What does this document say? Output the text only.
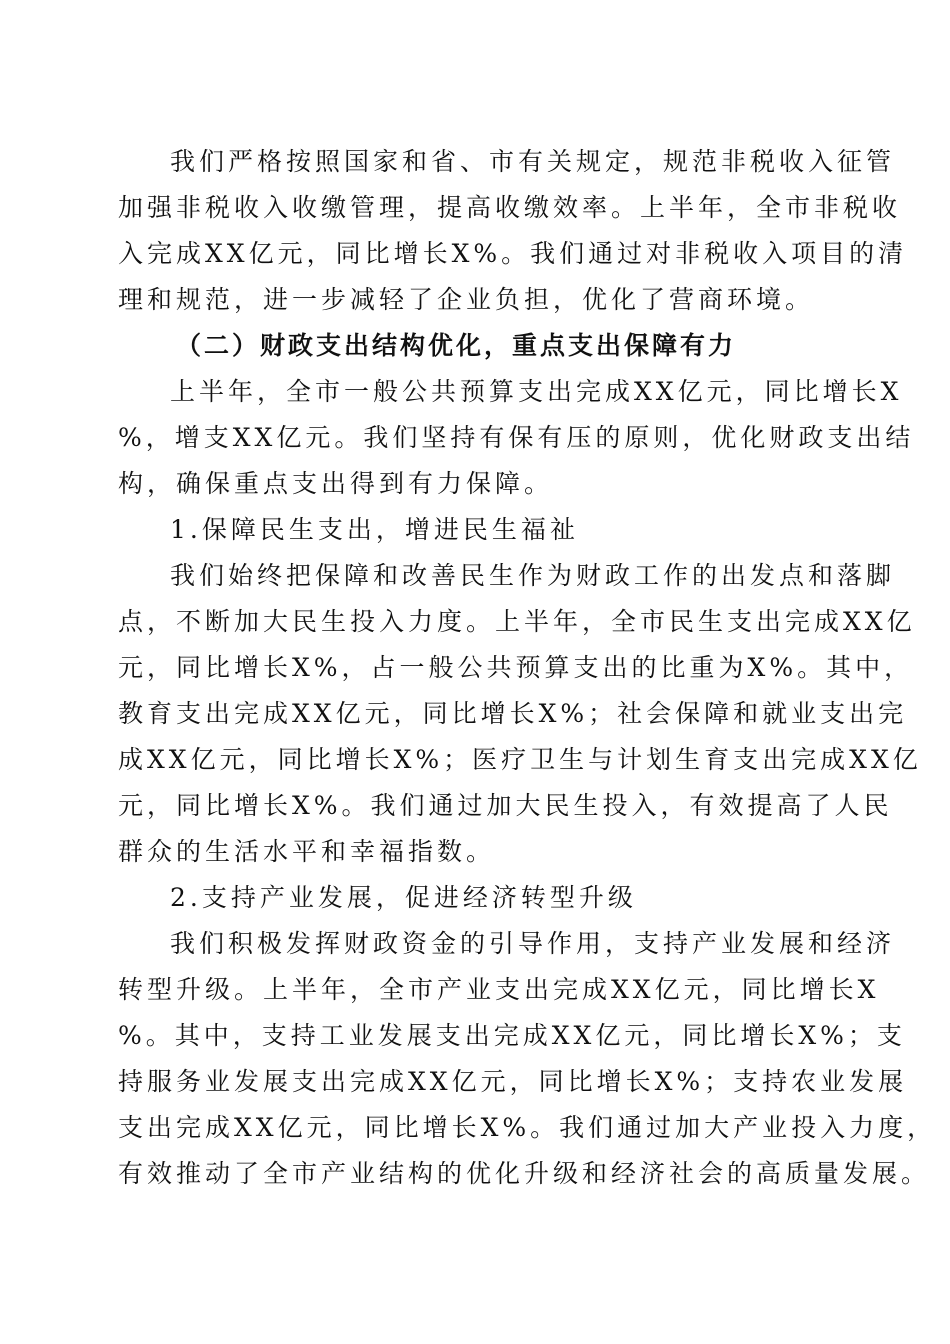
我们严格按照国家和省、市有关规定，规范非税收入征管
加强非税收入收缴管理，提高收缴效率。上半年，全市非税收
入完成XX亿元，同比增长X%。我们通过对非税收入项目的清
理和规范，进一步减轻了企业负担，优化了营商环境。
（二）财政支出结构优化，重点支出保障有力
上半年，全市一般公共预算支出完成XX亿元，同比增长X
%，增支XX亿元。我们坚持有保有压的原则，优化财政支出结
构，确保重点支出得到有力保障。
1.保障民生支出，增进民生福祉
我们始终把保障和改善民生作为财政工作的出发点和落脚
点，不断加大民生投入力度。上半年，全市民生支出完成XX亿
元，同比增长X%，占一般公共预算支出的比重为X%。其中，
教育支出完成XX亿元，同比增长X%；社会保障和就业支出完
成XX亿元，同比增长X%；医疗卫生与计划生育支出完成XX亿
元，同比增长X%。我们通过加大民生投入，有效提高了人民
群众的生活水平和幸福指数。
2.支持产业发展，促进经济转型升级
我们积极发挥财政资金的引导作用，支持产业发展和经济
转型升级。上半年，全市产业支出完成XX亿元，同比增长X
%。其中，支持工业发展支出完成XX亿元，同比增长X%；支
持服务业发展支出完成XX亿元，同比增长X%；支持农业发展
支出完成XX亿元，同比增长X%。我们通过加大产业投入力度，
有效推动了全市产业结构的优化升级和经济社会的高质量发展。
